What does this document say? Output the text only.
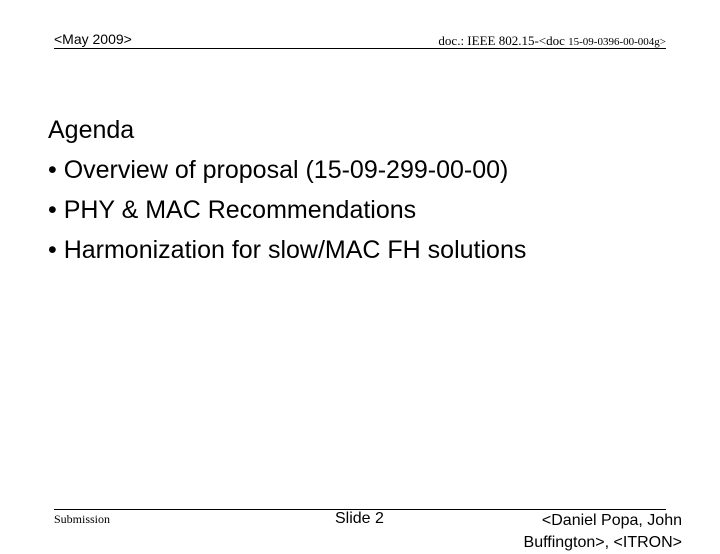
<May 2009>	doc.: IEEE 802.15-<doc 15-09-0396-00-004g>
Agenda
• Overview of proposal (15-09-299-00-00)
• PHY & MAC Recommendations
• Harmonization for slow/MAC FH solutions
Submission	Slide 2	<Daniel Popa, John Buffington>, <ITRON>
